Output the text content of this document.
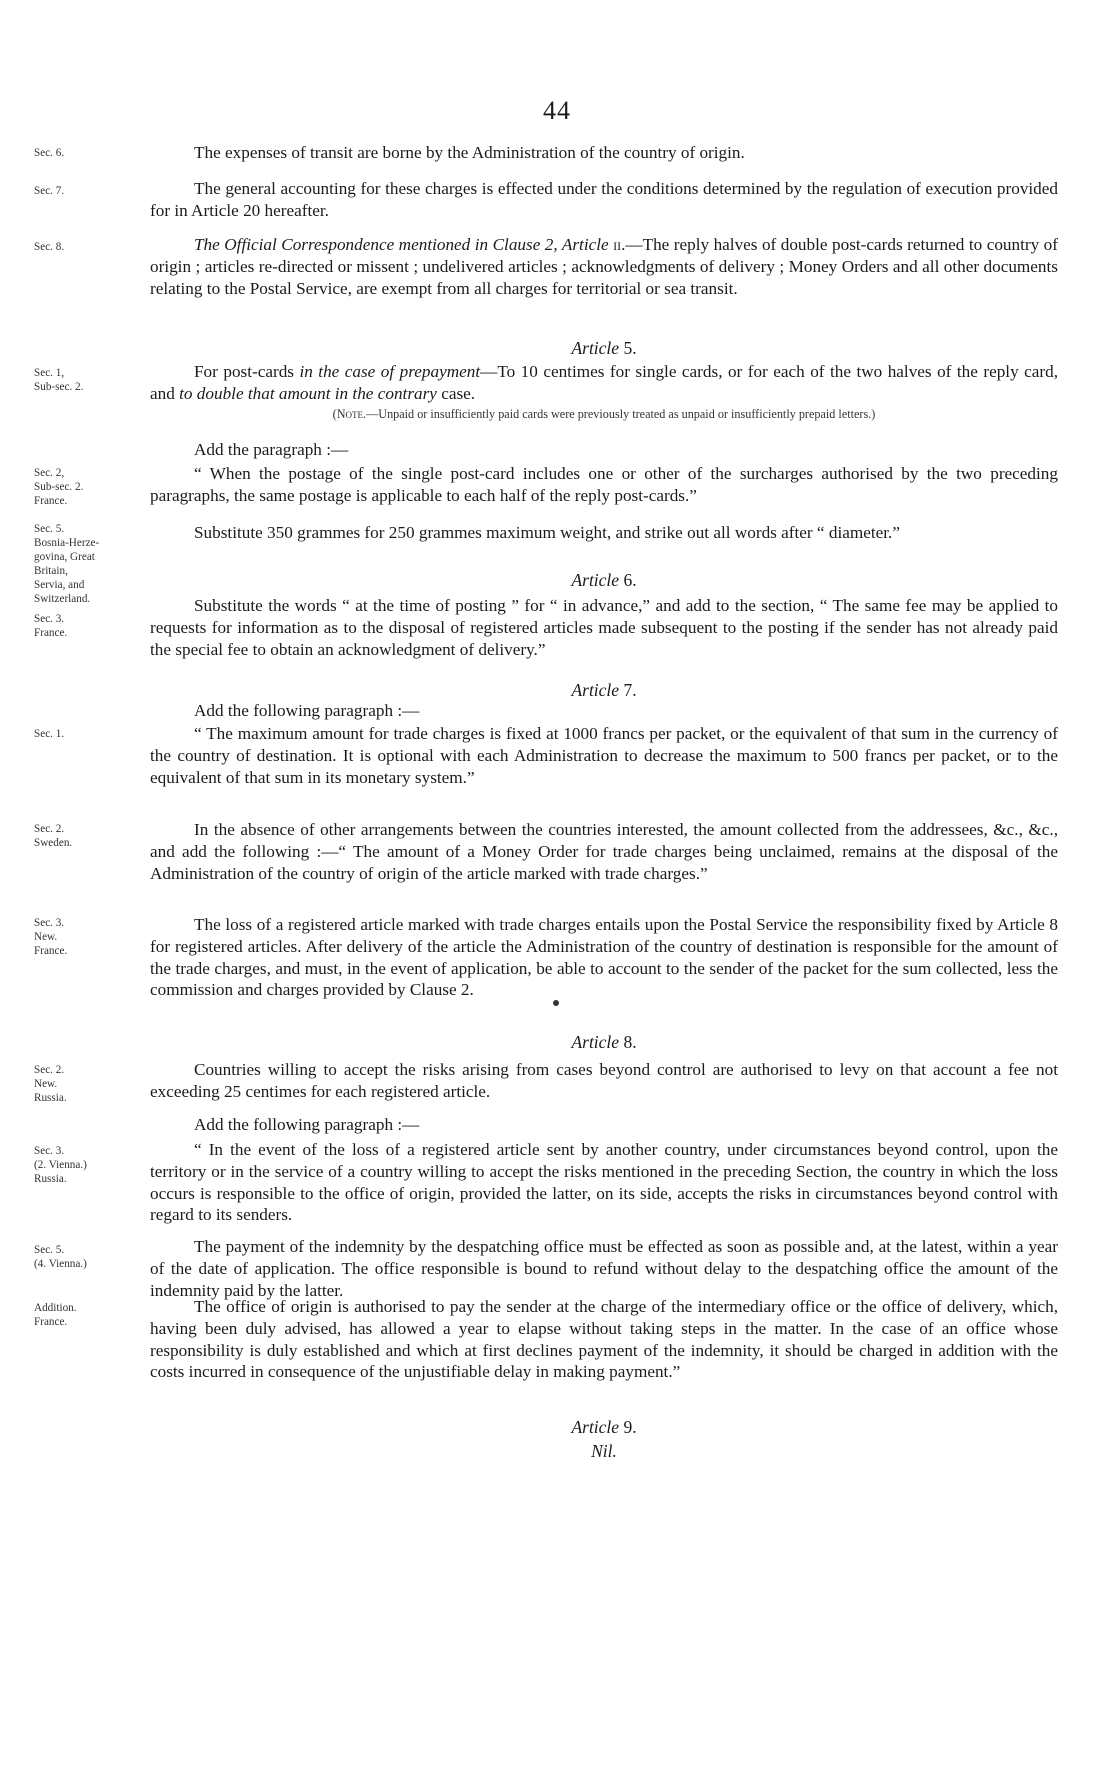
44
Sec. 6.
Sec. 7.
Sec. 8.
Sec. 1,
Sub-sec. 2.
Sec. 2,
Sub-sec. 2.
France.
Sec. 5.
Bosnia-Herze-
govina, Great
Britain,
Servia, and
Switzerland.
Sec. 3.
France.
Sec. 1.
Sec. 2.
Sweden.
Sec. 3.
New.
France.
Sec. 2.
New.
Russia.
Sec. 3.
(2. Vienna.)
Russia.
Sec. 5.
(4. Vienna.)
Addition.
France.
The expenses of transit are borne by the Administration of the country of origin.
The general accounting for these charges is effected under the conditions determined by the regulation of execution provided for in Article 20 hereafter.
The Official Correspondence mentioned in Clause 2, Article ii.—The reply halves of double post-cards returned to country of origin ; articles re-directed or missent ; undelivered articles ; acknowledgments of delivery ; Money Orders and all other documents relating to the Postal Service, are exempt from all charges for territorial or sea transit.
Article 5.
For post-cards in the case of prepayment—To 10 centimes for single cards, or for each of the two halves of the reply card, and to double that amount in the contrary case.
(Note.—Unpaid or insufficiently paid cards were previously treated as unpaid or insufficiently prepaid letters.)
Add the paragraph :—
“ When the postage of the single post-card includes one or other of the surcharges authorised by the two preceding paragraphs, the same postage is applicable to each half of the reply post-cards.”
Substitute 350 grammes for 250 grammes maximum weight, and strike out all words after “ diameter.”
Article 6.
Substitute the words “ at the time of posting ” for “ in advance,” and add to the section, “ The same fee may be applied to requests for information as to the disposal of registered articles made subsequent to the posting if the sender has not already paid the special fee to obtain an acknowledgment of delivery.”
Article 7.
Add the following paragraph :—
“ The maximum amount for trade charges is fixed at 1000 francs per packet, or the equivalent of that sum in the currency of the country of destination. It is optional with each Administration to decrease the maximum to 500 francs per packet, or to the equivalent of that sum in its monetary system.”
In the absence of other arrangements between the countries interested, the amount collected from the addressees, &c., &c., and add the following :—“ The amount of a Money Order for trade charges being unclaimed, remains at the disposal of the Administration of the country of origin of the article marked with trade charges.”
The loss of a registered article marked with trade charges entails upon the Postal Service the responsibility fixed by Article 8 for registered articles. After delivery of the article the Administration of the country of destination is responsible for the amount of the trade charges, and must, in the event of application, be able to account to the sender of the packet for the sum collected, less the commission and charges provided by Clause 2.
Article 8.
Countries willing to accept the risks arising from cases beyond control are authorised to levy on that account a fee not exceeding 25 centimes for each registered article.
Add the following paragraph :—
“ In the event of the loss of a registered article sent by another country, under circumstances beyond control, upon the territory or in the service of a country willing to accept the risks mentioned in the preceding Section, the country in which the loss occurs is responsible to the office of origin, provided the latter, on its side, accepts the risks in circumstances beyond control with regard to its senders.
The payment of the indemnity by the despatching office must be effected as soon as possible and, at the latest, within a year of the date of application. The office responsible is bound to refund without delay to the despatching office the amount of the indemnity paid by the latter.
The office of origin is authorised to pay the sender at the charge of the intermediary office or the office of delivery, which, having been duly advised, has allowed a year to elapse without taking steps in the matter. In the case of an office whose responsibility is duly established and which at first declines payment of the indemnity, it should be charged in addition with the costs incurred in consequence of the unjustifiable delay in making payment.”
Article 9.
Nil.
